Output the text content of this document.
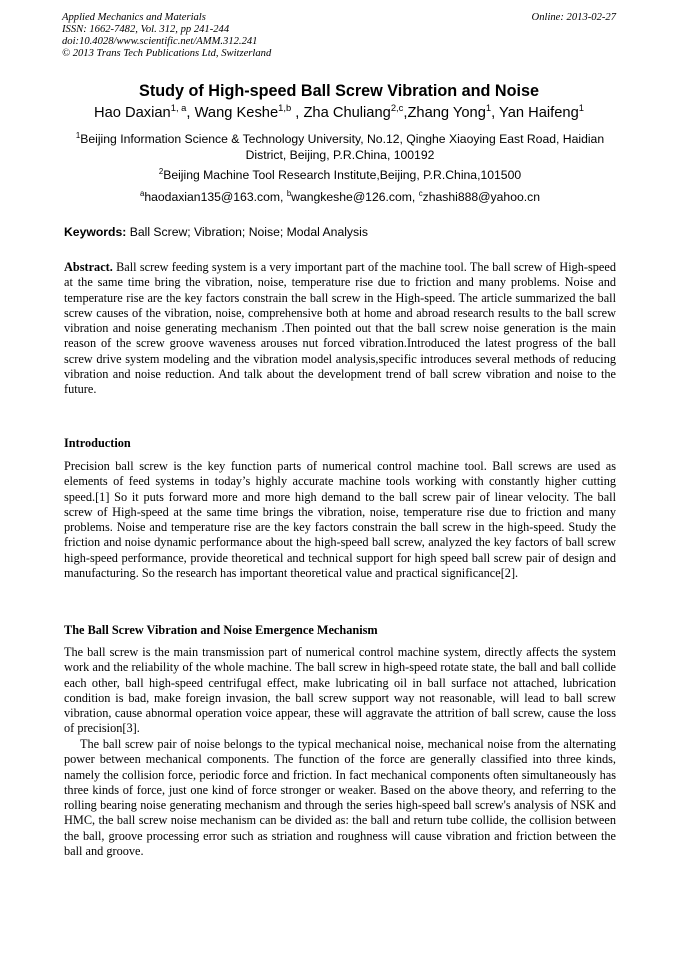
Applied Mechanics and Materials
ISSN: 1662-7482, Vol. 312, pp 241-244
doi:10.4028/www.scientific.net/AMM.312.241
© 2013 Trans Tech Publications Ltd, Switzerland
Online: 2013-02-27
Study of High-speed Ball Screw Vibration and Noise
Hao Daxian$^{1, a}$, Wang Keshe$^{1,b}$ , Zha Chuliang$^{2,c}$,Zhang Yong$^1$, Yan Haifeng$^1$
$^1$Beijing Information Science & Technology University, No.12, Qinghe Xiaoying East Road, Haidian District, Beijing, P.R.China, 100192
$^2$Beijing Machine Tool Research Institute,Beijing, P.R.China,101500
$^a$haodaxian135@163.com, $^b$wangkeshe@126.com, $^c$zhashi888@yahoo.cn
Keywords: Ball Screw; Vibration; Noise; Modal Analysis

Abstract. Ball screw feeding system is a very important part of the machine tool. The ball screw of High-speed at the same time bring the vibration, noise, temperature rise due to friction and many problems. Noise and temperature rise are the key factors constrain the ball screw in the High-speed. The article summarized the ball screw causes of the vibration, noise, comprehensive both at home and abroad research results to the ball screw vibration and noise generating mechanism .Then pointed out that the ball screw noise generation is the main reason of the screw groove waveness arouses nut forced vibration.Introduced the latest progress of the ball screw drive system modeling and the vibration model analysis,specific introduces several methods of reducing vibration and noise reduction. And talk about the development trend of ball screw vibration and noise to the future.

Introduction

Precision ball screw is the key function parts of numerical control machine tool. Ball screws are used as elements of feed systems in today’s highly accurate machine tools working with constantly higher cutting speed.[1] So it puts forward more and more high demand to the ball screw pair of linear velocity. The ball screw of High-speed at the same time brings the vibration, noise, temperature rise due to friction and many problems. Noise and temperature rise are the key factors constrain the ball screw in the high-speed. Study the friction and noise dynamic performance about the high-speed ball screw, analyzed the key factors of ball screw high-speed performance, provide theoretical and technical support for high speed ball screw pair of design and manufacturing. So the research has important theoretical value and practical significance[2].

The Ball Screw Vibration and Noise Emergence Mechanism

The ball screw is the main transmission part of numerical control machine system, directly affects the system work and the reliability of the whole machine. The ball screw in high-speed rotate state, the ball and ball collide each other, ball high-speed centrifugal effect, make lubricating oil in ball surface not attached, lubrication condition is bad, make foreign invasion, the ball screw support way not reasonable, will lead to ball screw vibration, cause abnormal operation voice appear, these will aggravate the attrition of ball screw, cause the loss of precision[3].

The ball screw pair of noise belongs to the typical mechanical noise, mechanical noise from the alternating power between mechanical components. The function of the force are generally classified into three kinds, namely the collision force, periodic force and friction. In fact mechanical components often simultaneously has three kinds of force, just one kind of force stronger or weaker. Based on the above theory, and referring to the rolling bearing noise generating mechanism and through the series high-speed ball screw's analysis of NSK and HMC, the ball screw noise mechanism can be divided as: the ball and return tube collide, the collision between the ball, groove processing error such as striation and roughness will cause vibration and friction between the ball and groove.
